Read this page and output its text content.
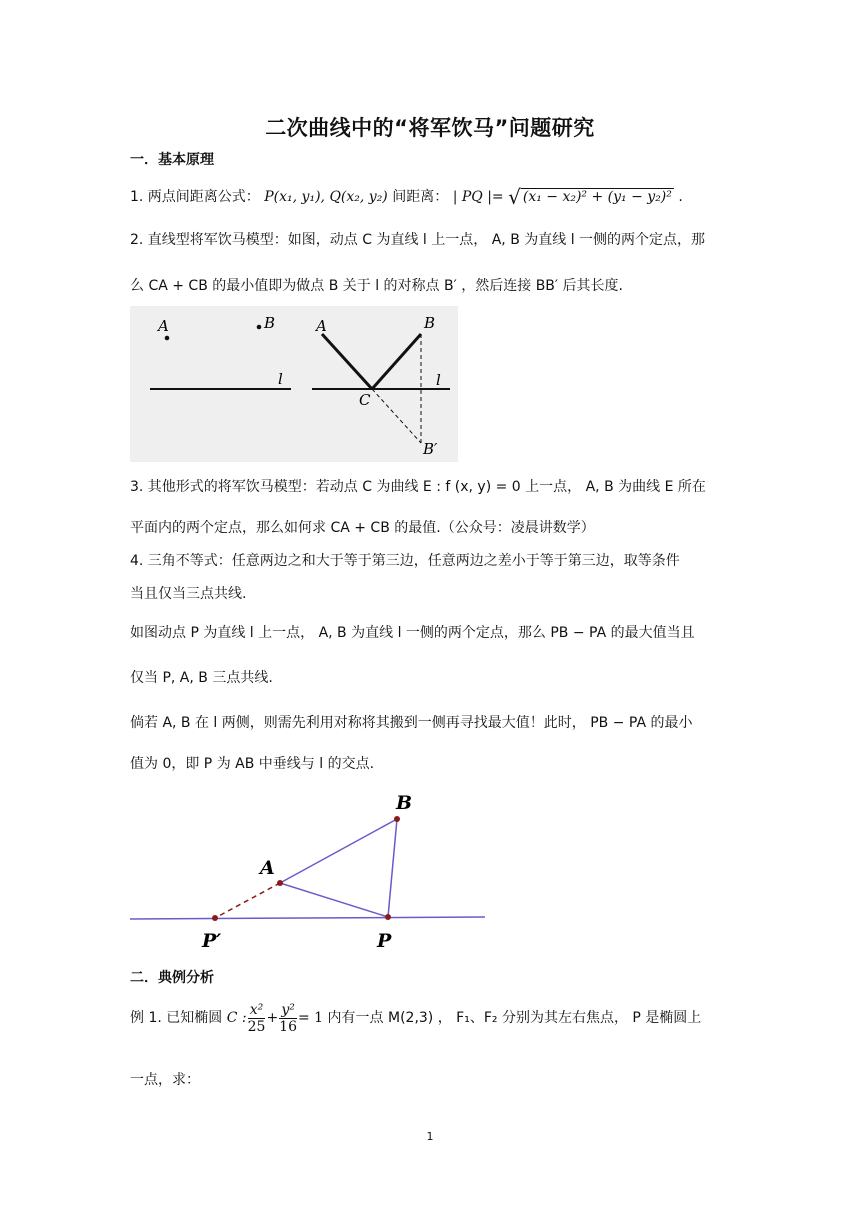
二次曲线中的“将军饮马”问题研究
一．基本原理
1. 两点间距离公式： P(x₁, y₁), Q(x₂, y₂) 间距离： | PQ |= √ (x₁ − x₂)² + (y₁ − y₂)² .
2. 直线型将军饮马模型：如图，动点 C 为直线 l 上一点， A, B 为直线 l 一侧的两个定点，那
么 CA + CB 的最小值即为做点 B 关于 l 的对称点 B′ ，然后连接 BB′ 后其长度.
A	B
l
A	B
l
C
B′
3. 其他形式的将军饮马模型：若动点 C 为曲线 E : f (x, y) = 0 上一点， A, B 为曲线 E 所在
平面内的两个定点，那么如何求 CA + CB 的最值.（公众号：凌晨讲数学）
4. 三角不等式：任意两边之和大于等于第三边，任意两边之差小于等于第三边，取等条件
当且仅当三点共线.
如图动点 P 为直线 l 上一点， A, B 为直线 l 一侧的两个定点，那么 PB − PA 的最大值当且
仅当 P, A, B 三点共线.
倘若 A, B 在 l 两侧，则需先利用对称将其搬到一侧再寻找最大值！此时， PB − PA 的最小
值为 0，即 P 为 AB 中垂线与 l 的交点.
A
B
P
P′
二．典例分析
例 1. 已知椭圆 C : $\frac{\text{x²}}{25} + \frac{\text{y²}}{16} = 1$ 内有一点 M(2,3) ， F₁、F₂ 分别为其左右焦点， P 是椭圆上
一点，求：
1
